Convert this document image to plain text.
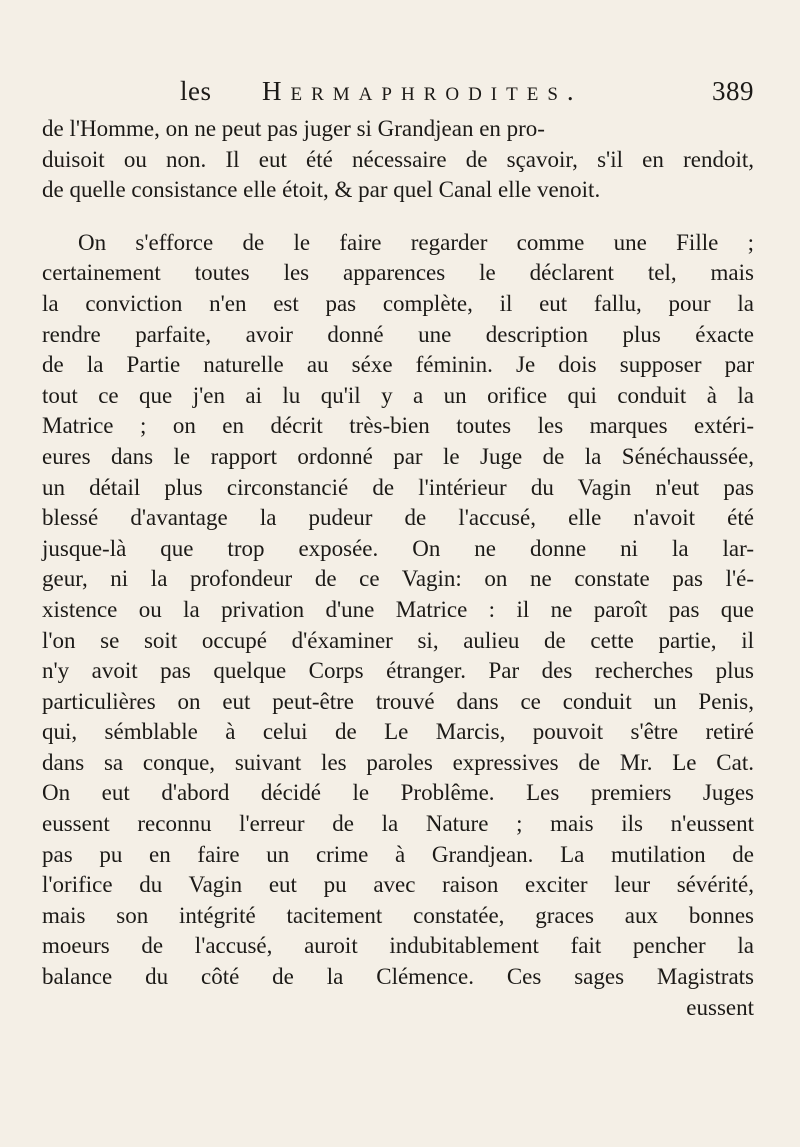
les Hermaphrodites.	389
de l'Homme, on ne peut pas juger si Grandjean en pro-
duisoit ou non. Il eut été nécessaire de sçavoir, s'il en rendoit,
de quelle consistance elle étoit, & par quel Canal elle venoit.
On s'efforce de le faire regarder comme une Fille ;
certainement toutes les apparences le déclarent tel, mais
la conviction n'en est pas complète, il eut fallu, pour la
rendre parfaite, avoir donné une description plus éxacte
de la Partie naturelle au séxe féminin. Je dois supposer par
tout ce que j'en ai lu qu'il y a un orifice qui conduit à la
Matrice ; on en décrit très-bien toutes les marques extéri-
eures dans le rapport ordonné par le Juge de la Sénéchaussée,
un détail plus circonstancié de l'intérieur du Vagin n'eut pas
blessé d'avantage la pudeur de l'accusé, elle n'avoit été
jusque-là que trop exposée. On ne donne ni la lar-
geur, ni la profondeur de ce Vagin: on ne constate pas l'é-
xistence ou la privation d'une Matrice : il ne paroît pas que
l'on se soit occupé d'éxaminer si, aulieu de cette partie, il
n'y avoit pas quelque Corps étranger. Par des recherches plus
particulières on eut peut-être trouvé dans ce conduit un Penis,
qui, sémblable à celui de Le Marcis, pouvoit s'être retiré
dans sa conque, suivant les paroles expressives de Mr. Le Cat.
On eut d'abord décidé le Problême. Les premiers Juges
eussent reconnu l'erreur de la Nature ; mais ils n'eussent
pas pu en faire un crime à Grandjean. La mutilation de
l'orifice du Vagin eut pu avec raison exciter leur sévérité,
mais son intégrité tacitement constatée, graces aux bonnes
moeurs de l'accusé, auroit indubitablement fait pencher la
balance du côté de la Clémence. Ces sages Magistrats
eussent
